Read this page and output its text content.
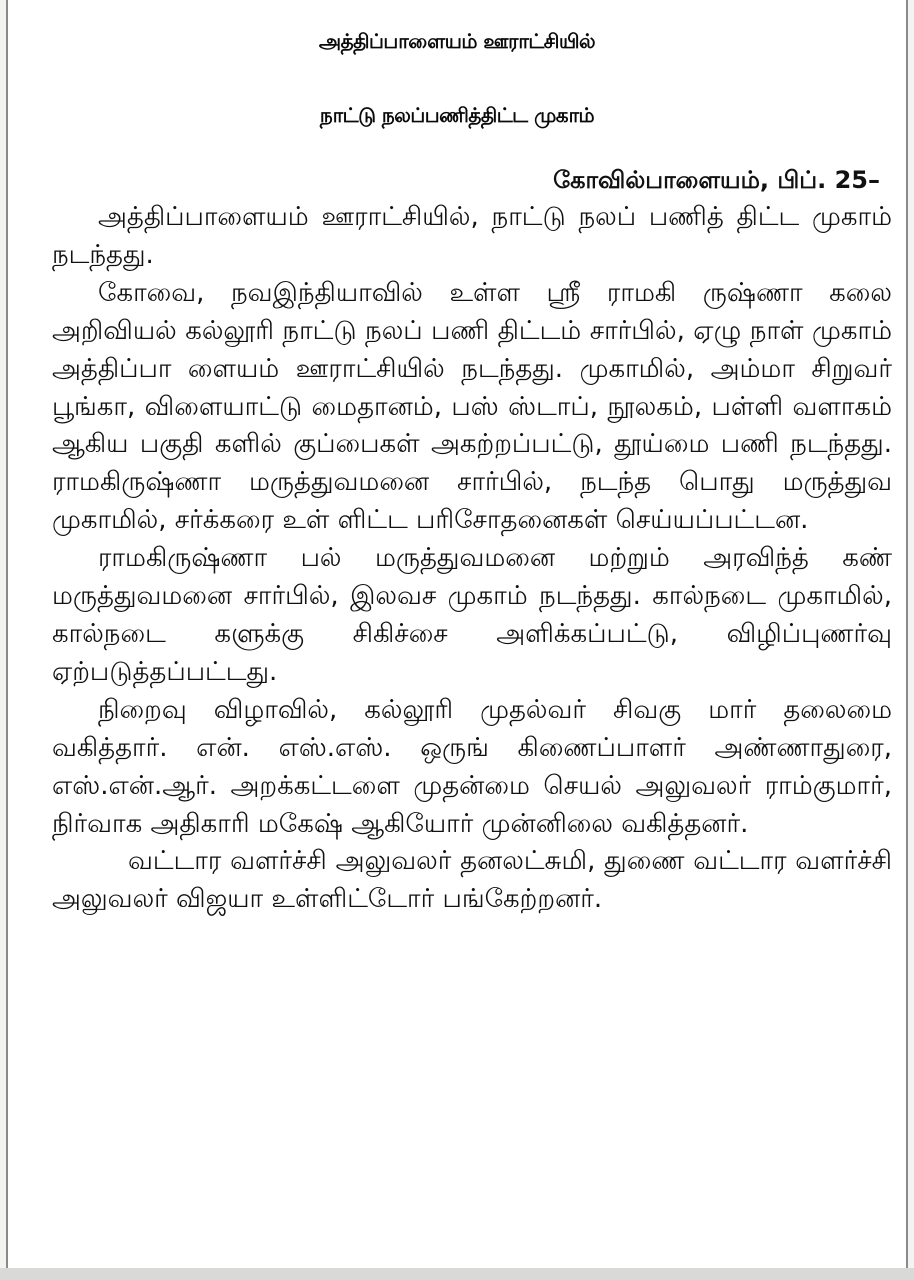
அத்திப்பாளையம் ஊராட்சியில்
நாட்டு நலப்பணித்திட்ட முகாம்
கோவில்பாளையம், பிப். 25–

அத்திப்பாளையம் ஊராட்சியில், நாட்டு நலப் பணித் திட்ட முகாம் நடந்தது.

கோவை, நவஇந்தியாவில் உள்ள ஸ்ரீ ராமகி ருஷ்ணா கலை அறிவியல் கல்லூரி நாட்டு நலப் பணி திட்டம் சார்பில், ஏழு நாள் முகாம் அத்திப்பா ளையம் ஊராட்சியில் நடந்தது. முகாமில், அம்மா சிறுவர் பூங்கா, விளையாட்டு மைதானம், பஸ் ஸ்டாப், நூலகம், பள்ளி வளாகம் ஆகிய பகுதி களில் குப்பைகள் அகற்றப்பட்டு, தூய்மை பணி நடந்தது. ராமகிருஷ்ணா மருத்துவமனை சார்பில், நடந்த பொது மருத்துவ முகாமில், சர்க்கரை உள் ளிட்ட பரிசோதனைகள் செய்யப்பட்டன.

ராமகிருஷ்ணா பல் மருத்துவமனை மற்றும் அரவிந்த் கண் மருத்துவமனை சார்பில், இலவச முகாம் நடந்தது. கால்நடை முகாமில், கால்நடை களுக்கு சிகிச்சை அளிக்கப்பட்டு, விழிப்புணர்வு ஏற்படுத்தப்பட்டது.

நிறைவு விழாவில், கல்லூரி முதல்வர் சிவகு மார் தலைமை வகித்தார். என். எஸ்.எஸ். ஒருங் கிணைப்பாளர் அண்ணாதுரை, எஸ்.என்.ஆர். அறக்கட்டளை முதன்மை செயல் அலுவலர் ராம்குமார், நிர்வாக அதிகாரி மகேஷ் ஆகியோர் முன்னிலை வகித்தனர்.

வட்டார வளர்ச்சி அலுவலர் தனலட்சுமி, துணை வட்டார வளர்ச்சி அலுவலர் விஜயா உள்ளிட்டோர் பங்கேற்றனர்.
